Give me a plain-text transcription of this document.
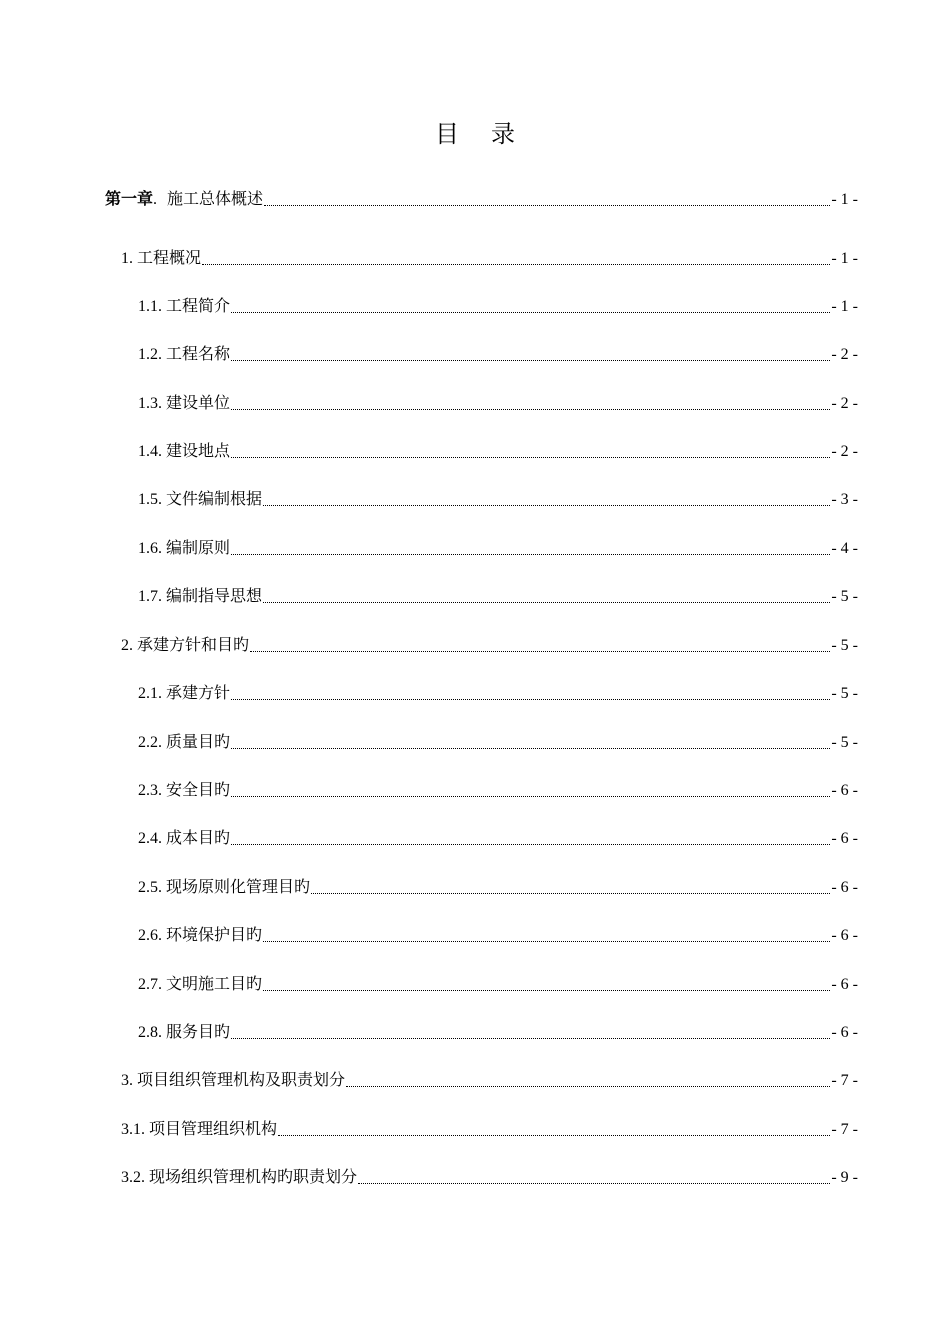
目 录
第一章. 施工总体概述	- 1 -
1. 工程概况	- 1 -
1.1. 工程简介	- 1 -
1.2. 工程名称	- 2 -
1.3. 建设单位	- 2 -
1.4. 建设地点	- 2 -
1.5. 文件编制根据	- 3 -
1.6. 编制原则	- 4 -
1.7. 编制指导思想	- 5 -
2. 承建方针和目旳	- 5 -
2.1. 承建方针	- 5 -
2.2. 质量目旳	- 5 -
2.3. 安全目旳	- 6 -
2.4. 成本目旳	- 6 -
2.5. 现场原则化管理目旳	- 6 -
2.6. 环境保护目旳	- 6 -
2.7. 文明施工目旳	- 6 -
2.8. 服务目旳	- 6 -
3. 项目组织管理机构及职责划分	- 7 -
3.1. 项目管理组织机构	- 7 -
3.2. 现场组织管理机构旳职责划分	- 9 -
